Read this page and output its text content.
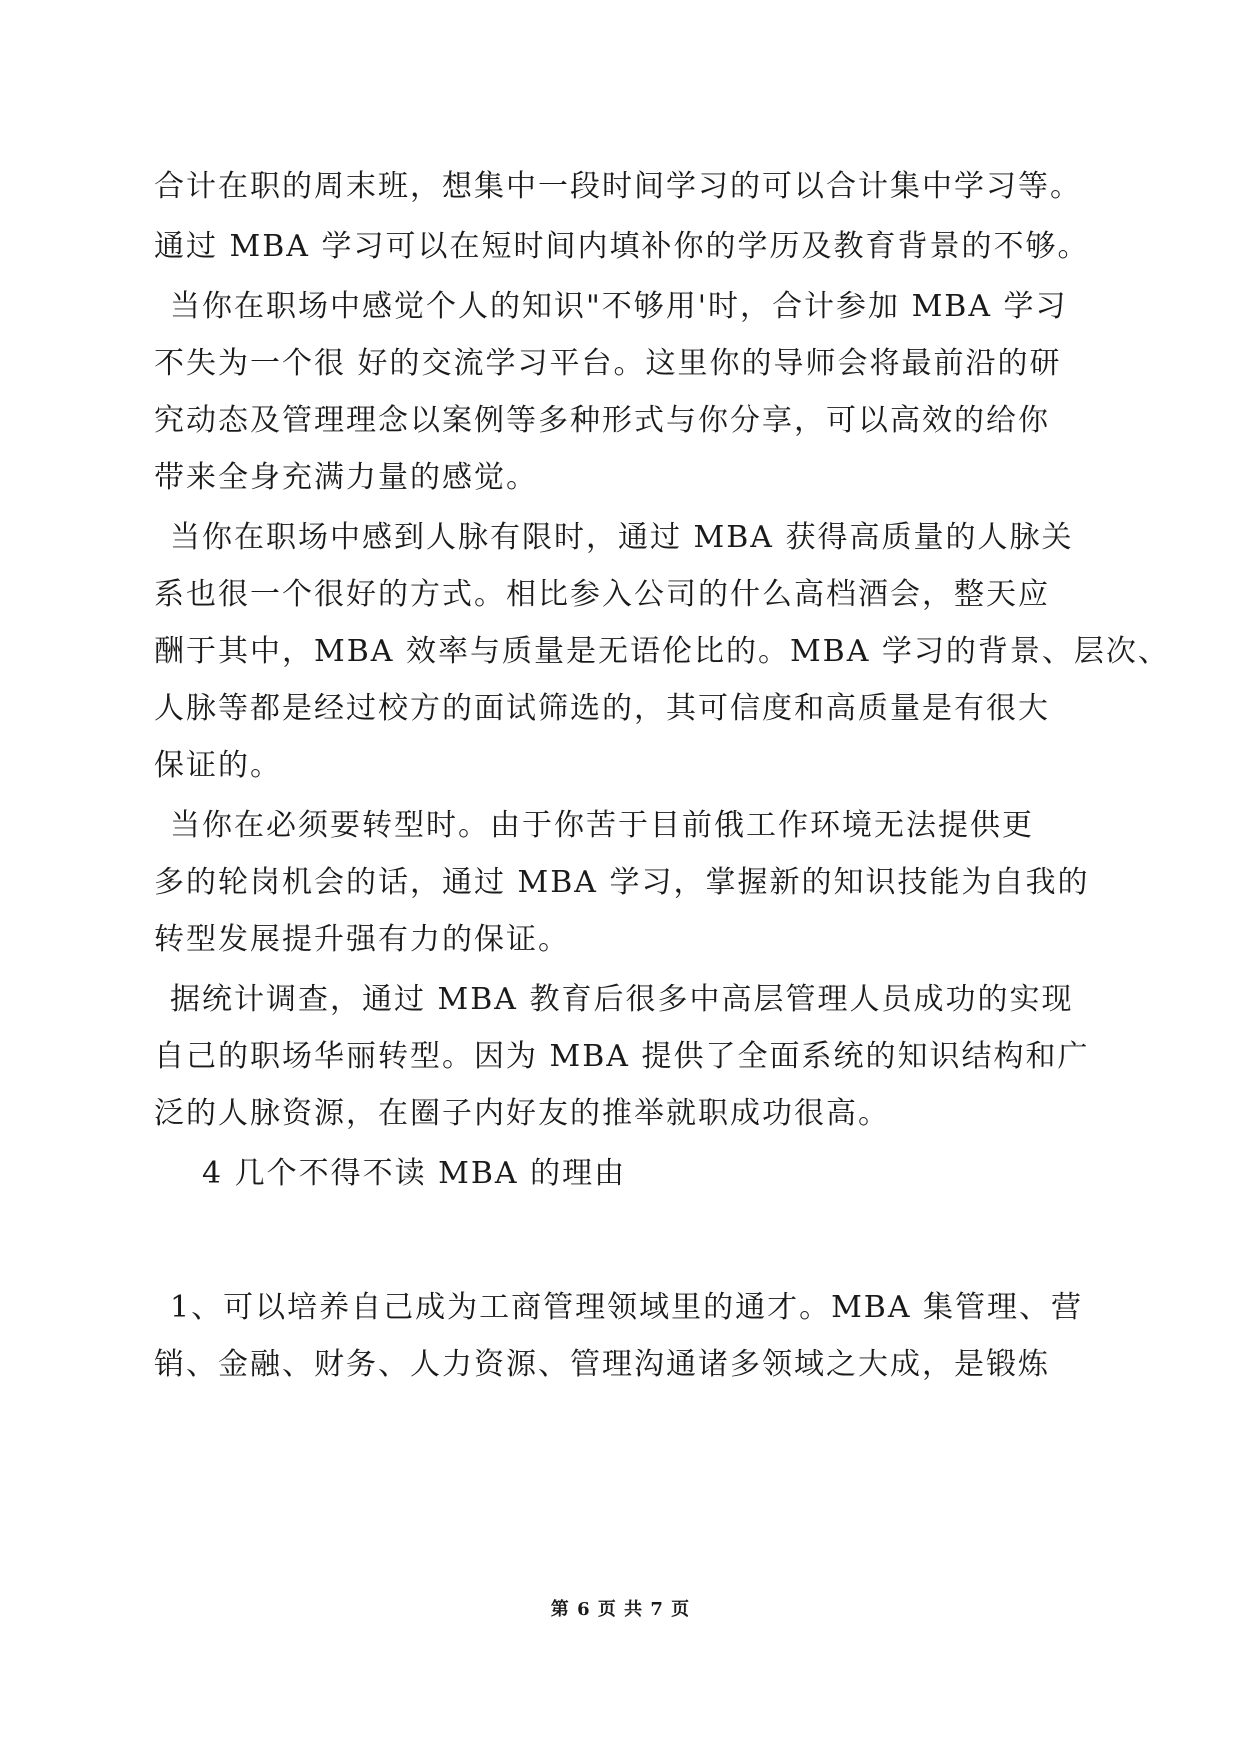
合计在职的周末班，想集中一段时间学习的可以合计集中学习等。
通过 MBA 学习可以在短时间内填补你的学历及教育背景的不够。
当你在职场中感觉个人的知识"不够用'时，合计参加 MBA 学习
不失为一个很 好的交流学习平台。这里你的导师会将最前沿的研
究动态及管理理念以案例等多种形式与你分享，可以高效的给你
带来全身充满力量的感觉。
当你在职场中感到人脉有限时，通过 MBA 获得高质量的人脉关
系也很一个很好的方式。相比参入公司的什么高档酒会，整天应
酬于其中，MBA 效率与质量是无语伦比的。MBA 学习的背景、层次、
人脉等都是经过校方的面试筛选的，其可信度和高质量是有很大
保证的。
当你在必须要转型时。由于你苦于目前俄工作环境无法提供更
多的轮岗机会的话，通过 MBA 学习，掌握新的知识技能为自我的
转型发展提升强有力的保证。
据统计调查，通过 MBA 教育后很多中高层管理人员成功的实现
自己的职场华丽转型。因为 MBA 提供了全面系统的知识结构和广
泛的人脉资源，在圈子内好友的推举就职成功很高。
4 几个不得不读 MBA 的理由
1、可以培养自己成为工商管理领域里的通才。MBA 集管理、营
销、金融、财务、人力资源、管理沟通诸多领域之大成，是锻炼
第 6 页 共 7 页
